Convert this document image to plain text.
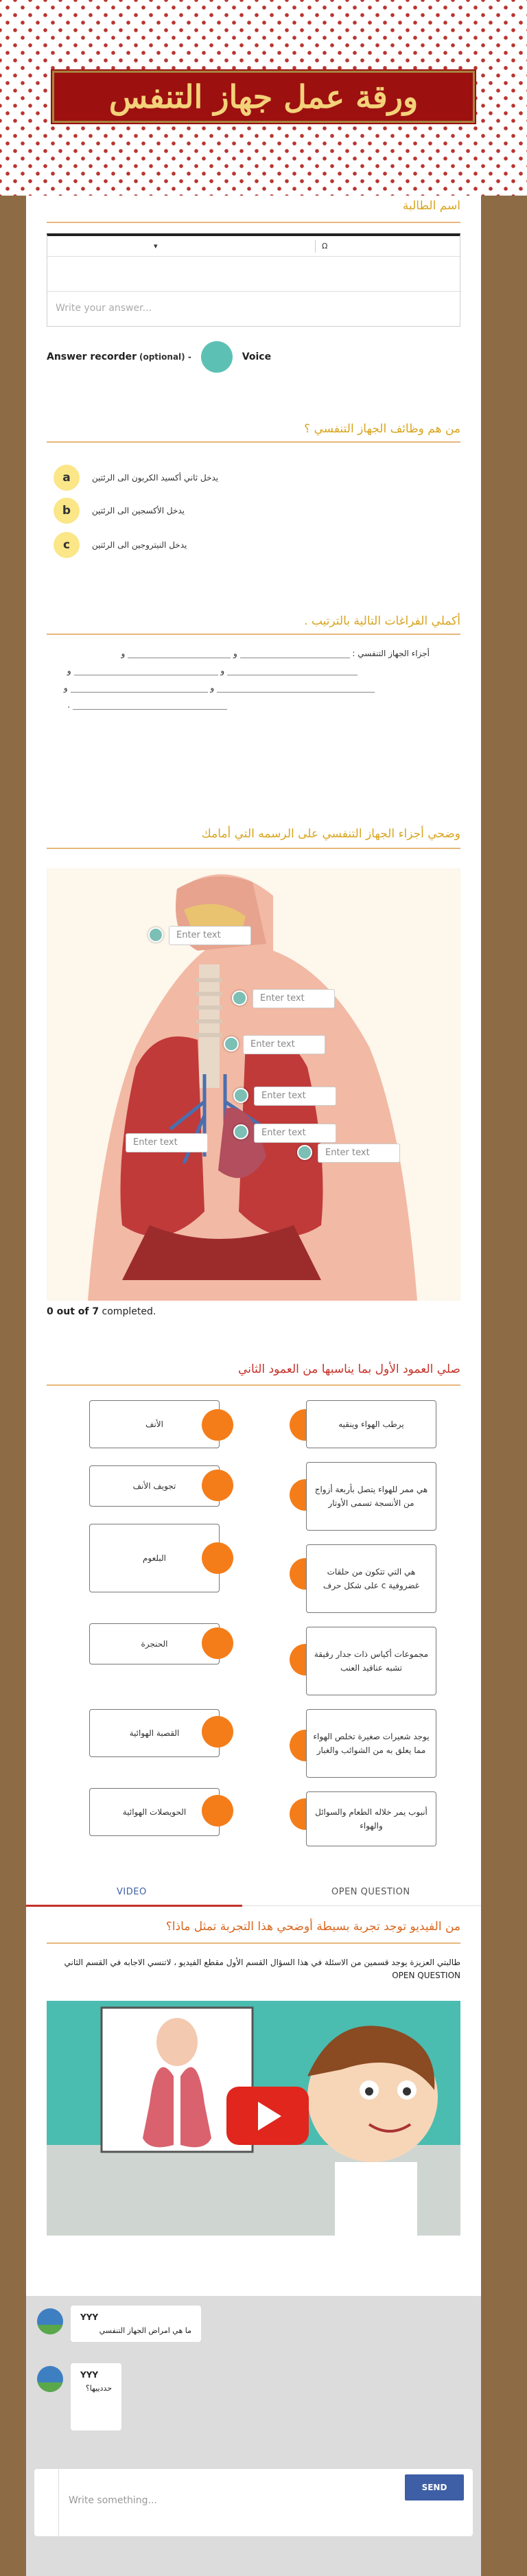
ورقة عمل جهاز التنفس
اسم الطالبة
▾	Ω
Write your answer...
Answer recorder (optional) -	Voice
من هم وظائف الجهاز التنفسي ؟
a	يدخل ثاني أكسيد الكربون الى الرئتين
b	يدخل الأكسجين الى الرئتين
c	يدخل النيتروجين الى الرئتين
أكملي الفراغات التالية بالترتيب .
أجزاء الجهاز التنفسي :  و  و
و  و
و  و
.
وضحي أجزاء الجهاز التنفسي على الرسمه التي أمامك
Enter text
Enter text
Enter text
Enter text
Enter text
Enter text
Enter text
0 out of 7 completed.
صلي العمود الأول بما يناسبها من العمود الثاني
الأنف
تجويف الأنف
البلعوم
الحنجرة
القصبة الهوائية
الحويصلات الهوائية
يرطب الهواء وينقيه
هي ممر للهواء يتصل بأربعة أزواج من الأنسجة تسمى الأوتار
هي التي تتكون من حلقات غضروفية c على شكل حرف
مجموعات أكياس ذات جدار رقيقة تشبه عناقيد العنب
يوجد شعيرات صغيرة تخلص الهواء مما يعلق به من الشوائب والغبار
أنبوب يمر خلاله الطعام والسوائل والهواء
VIDEO	OPEN QUESTION
من الفيديو توجد تجربة بسيطة أوضحي هذا التجربة تمثل ماذا؟
طالبتي العزيزة يوجد قسمين من الاسئلة في هذا السؤال القسم الأول مقطع الفيديو ، لاتنسي الاجابه في القسم الثاني OPEN QUESTION
YYY
ما هي امراض الجهاز التنفسي
YYY
حددييها؟
Write something...
SEND
